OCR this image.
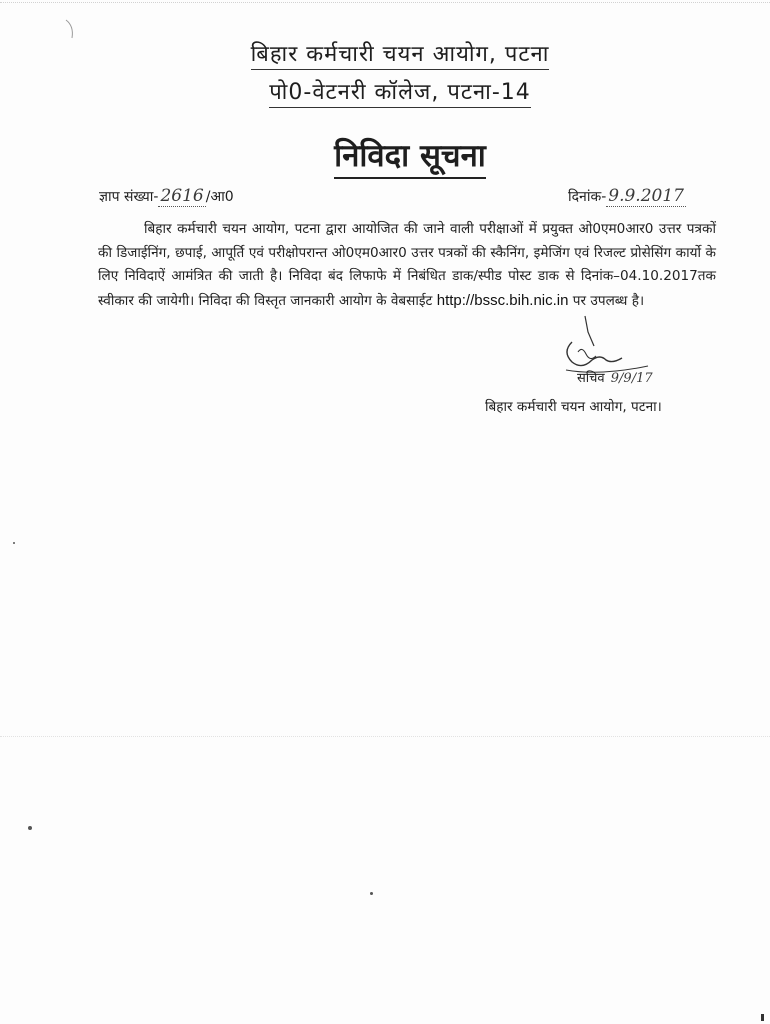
बिहार कर्मचारी चयन आयोग, पटना
पो0-वेटनरी कॉलेज, पटना-14
निविदा सूचना
ज्ञाप संख्या- 2616 /आ0	दिनांक- 9.9.2017
बिहार कर्मचारी चयन आयोग, पटना द्वारा आयोजित की जाने वाली परीक्षाओं में प्रयुक्त ओ0एम0आर0 उत्तर पत्रकों की डिजाईनिंग, छपाई, आपूर्ति एवं परीक्षोपरान्त ओ0एम0आर0 उत्तर पत्रकों की स्कैनिंग, इमेजिंग एवं रिजल्ट प्रोसेसिंग कार्यो के लिए निविदाऐं आमंत्रित की जाती है। निविदा बंद लिफाफे में निबंधित डाक/स्पीड पोस्ट डाक से दिनांक–04.10.2017तक स्वीकार की जायेगी। निविदा की विस्तृत जानकारी आयोग के वेबसाईट http://bssc.bih.nic.in पर उपलब्ध है।
सचिव 9/9/17
बिहार कर्मचारी चयन आयोग, पटना।
